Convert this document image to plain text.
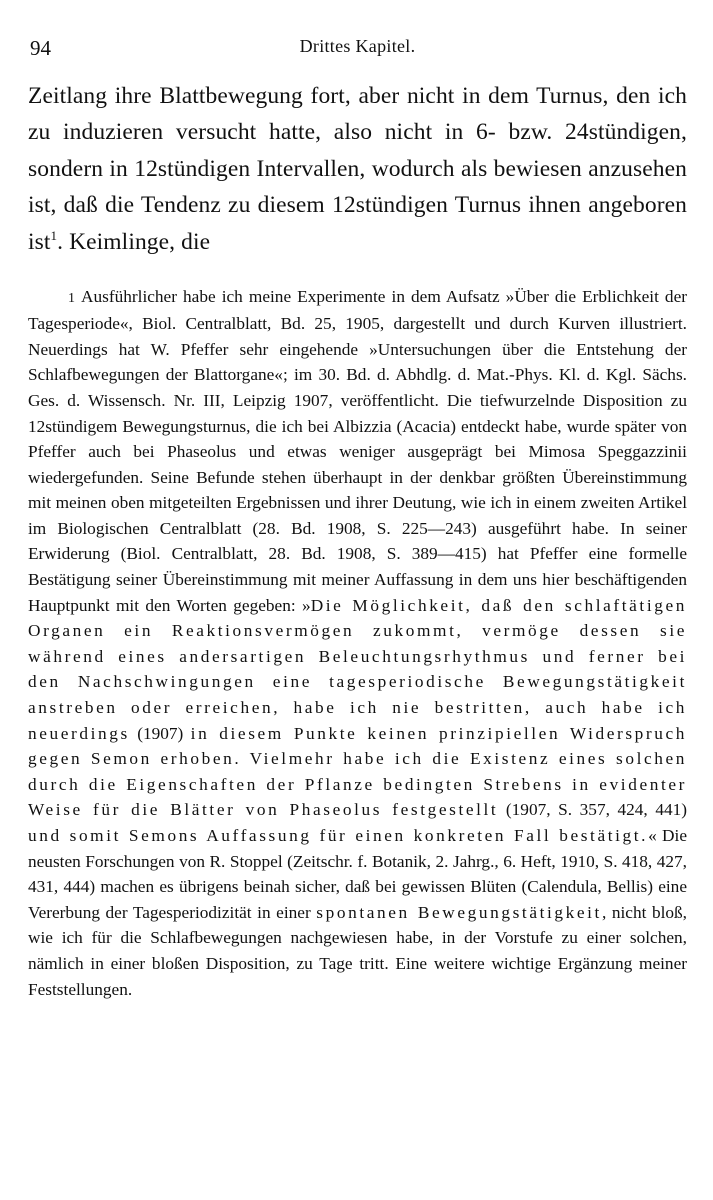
94	Drittes Kapitel.

Zeitlang ihre Blattbewegung fort, aber nicht in dem Turnus, den ich zu induzieren versucht hatte, also nicht in 6- bzw. 24stündigen, sondern in 12stündigen Intervallen, wodurch als bewiesen anzusehen ist, daß die Tendenz zu diesem 12stündigen Turnus ihnen angeboren ist$^1$. Keimlinge, die

1 Ausführlicher habe ich meine Experimente in dem Aufsatz »Über die Erblichkeit der Tagesperiode«, Biol. Centralblatt, Bd. 25, 1905, dargestellt und durch Kurven illustriert. Neuerdings hat W. Pfeffer sehr eingehende »Untersuchungen über die Entstehung der Schlafbewegungen der Blattorgane«; im 30. Bd. d. Abhdlg. d. Mat.-Phys. Kl. d. Kgl. Sächs. Ges. d. Wissensch. Nr. III, Leipzig 1907, veröffentlicht. Die tiefwurzelnde Disposition zu 12stündigem Bewegungsturnus, die ich bei Albizzia (Acacia) entdeckt habe, wurde später von Pfeffer auch bei Phaseolus und etwas weniger ausgeprägt bei Mimosa Speggazzinii wiedergefunden. Seine Befunde stehen überhaupt in der denkbar größten Übereinstimmung mit meinen oben mitgeteilten Ergebnissen und ihrer Deutung, wie ich in einem zweiten Artikel im Biologischen Centralblatt (28. Bd. 1908, S. 225—243) ausgeführt habe. In seiner Erwiderung (Biol. Centralblatt, 28. Bd. 1908, S. 389—415) hat Pfeffer eine formelle Bestätigung seiner Übereinstimmung mit meiner Auffassung in dem uns hier beschäftigenden Hauptpunkt mit den Worten gegeben: »Die Möglichkeit, daß den schlaftätigen Organen ein Reaktionsvermögen zukommt, vermöge dessen sie während eines andersartigen Beleuchtungsrhythmus und ferner bei den Nachschwingungen eine tagesperiodische Bewegungstätigkeit anstreben oder erreichen, habe ich nie bestritten, auch habe ich neuerdings (1907) in diesem Punkte keinen prinzipiellen Widerspruch gegen Semon erhoben. Vielmehr habe ich die Existenz eines solchen durch die Eigenschaften der Pflanze bedingten Strebens in evidenter Weise für die Blätter von Phaseolus festgestellt (1907, S. 357, 424, 441) und somit Semons Auffassung für einen konkreten Fall bestätigt.« Die neusten Forschungen von R. Stoppel (Zeitschr. f. Botanik, 2. Jahrg., 6. Heft, 1910, S. 418, 427, 431, 444) machen es übrigens beinah sicher, daß bei gewissen Blüten (Calendula, Bellis) eine Vererbung der Tagesperiodizität in einer spontanen Bewegungstätigkeit, nicht bloß, wie ich für die Schlafbewegungen nachgewiesen habe, in der Vorstufe zu einer solchen, nämlich in einer bloßen Disposition, zu Tage tritt. Eine weitere wichtige Ergänzung meiner Feststellungen.
